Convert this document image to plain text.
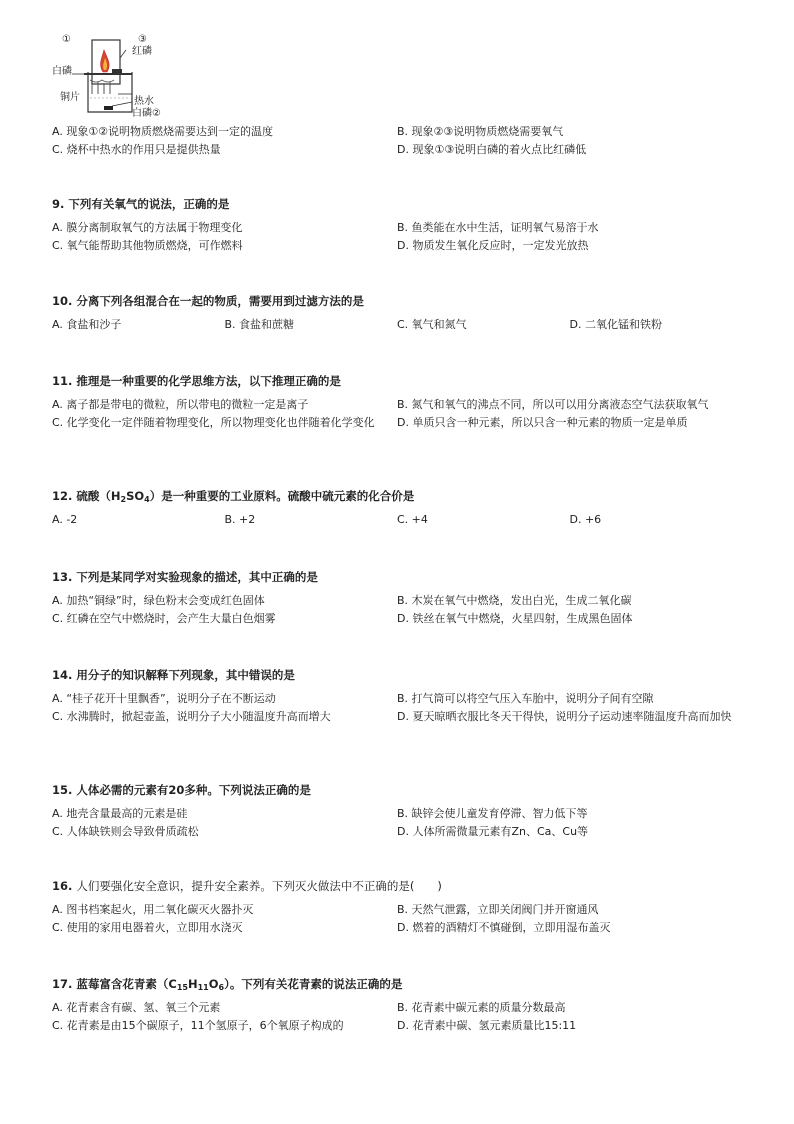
①
白磷
③
红磷
铜片	热水
白磷②
A. 现象①②说明物质燃烧需要达到一定的温度	B. 现象②③说明物质燃烧需要氧气
C. 烧杯中热水的作用只是提供热量	D. 现象①③说明白磷的着火点比红磷低
9. 下列有关氧气的说法，正确的是
A. 膜分离制取氧气的方法属于物理变化	B. 鱼类能在水中生活，证明氧气易溶于水
C. 氧气能帮助其他物质燃烧，可作燃料	D. 物质发生氧化反应时，一定发光放热
10. 分离下列各组混合在一起的物质，需要用到过滤方法的是
A. 食盐和沙子	B. 食盐和蔗糖	C. 氧气和氮气	D. 二氧化锰和铁粉
11. 推理是一种重要的化学思维方法，以下推理正确的是
A. 离子都是带电的微粒，所以带电的微粒一定是离子	B. 氮气和氧气的沸点不同，所以可以用分离液态空气法获取氧气
C. 化学变化一定伴随着物理变化，所以物理变化也伴随着化学变化	D. 单质只含一种元素，所以只含一种元素的物质一定是单质
12. 硫酸$(H_2SO_4)$是一种重要的工业原料。硫酸中硫元素的化合价是
A. -2	B. +2	C. +4	D. +6
13. 下列是某同学对实验现象的描述，其中正确的是
A. 加热“铜绿”时，绿色粉末会变成红色固体	B. 木炭在氧气中燃烧，发出白光，生成二氧化碳
C. 红磷在空气中燃烧时，会产生大量白色烟雾	D. 铁丝在氧气中燃烧，火星四射，生成黑色固体
14. 用分子的知识解释下列现象，其中错误的是
A. “桂子花开十里飘香”，说明分子在不断运动	B. 打气筒可以将空气压入车胎中，说明分子间有空隙
C. 水沸腾时，掀起壶盖，说明分子大小随温度升高而增大	D. 夏天晾晒衣服比冬天干得快，说明分子运动速率随温度升高而加快
15. 人体必需的元素有20多种。下列说法正确的是
A. 地壳含量最高的元素是硅	B. 缺锌会使儿童发育停滞、智力低下等
C. 人体缺铁则会导致骨质疏松	D. 人体所需微量元素有Zn、Ca、Cu等
16. 人们要强化安全意识，提升安全素养。下列灭火做法中不正确的是(　　)
A. 图书档案起火，用二氧化碳灭火器扑灭	B. 天然气泄露，立即关闭阀门并开窗通风
C. 使用的家用电器着火，立即用水浇灭	D. 燃着的酒精灯不慎碰倒，立即用湿布盖灭
17. 蓝莓富含花青素$(C_{15}H_{11}O_6)$。下列有关花青素的说法正确的是
A. 花青素含有碳、氢、氧三个元素	B. 花青素中碳元素的质量分数最高
C. 花青素是由15个碳原子，11个氢原子，6个氧原子构成的	D. 花青素中碳、氢元素质量比15:11
